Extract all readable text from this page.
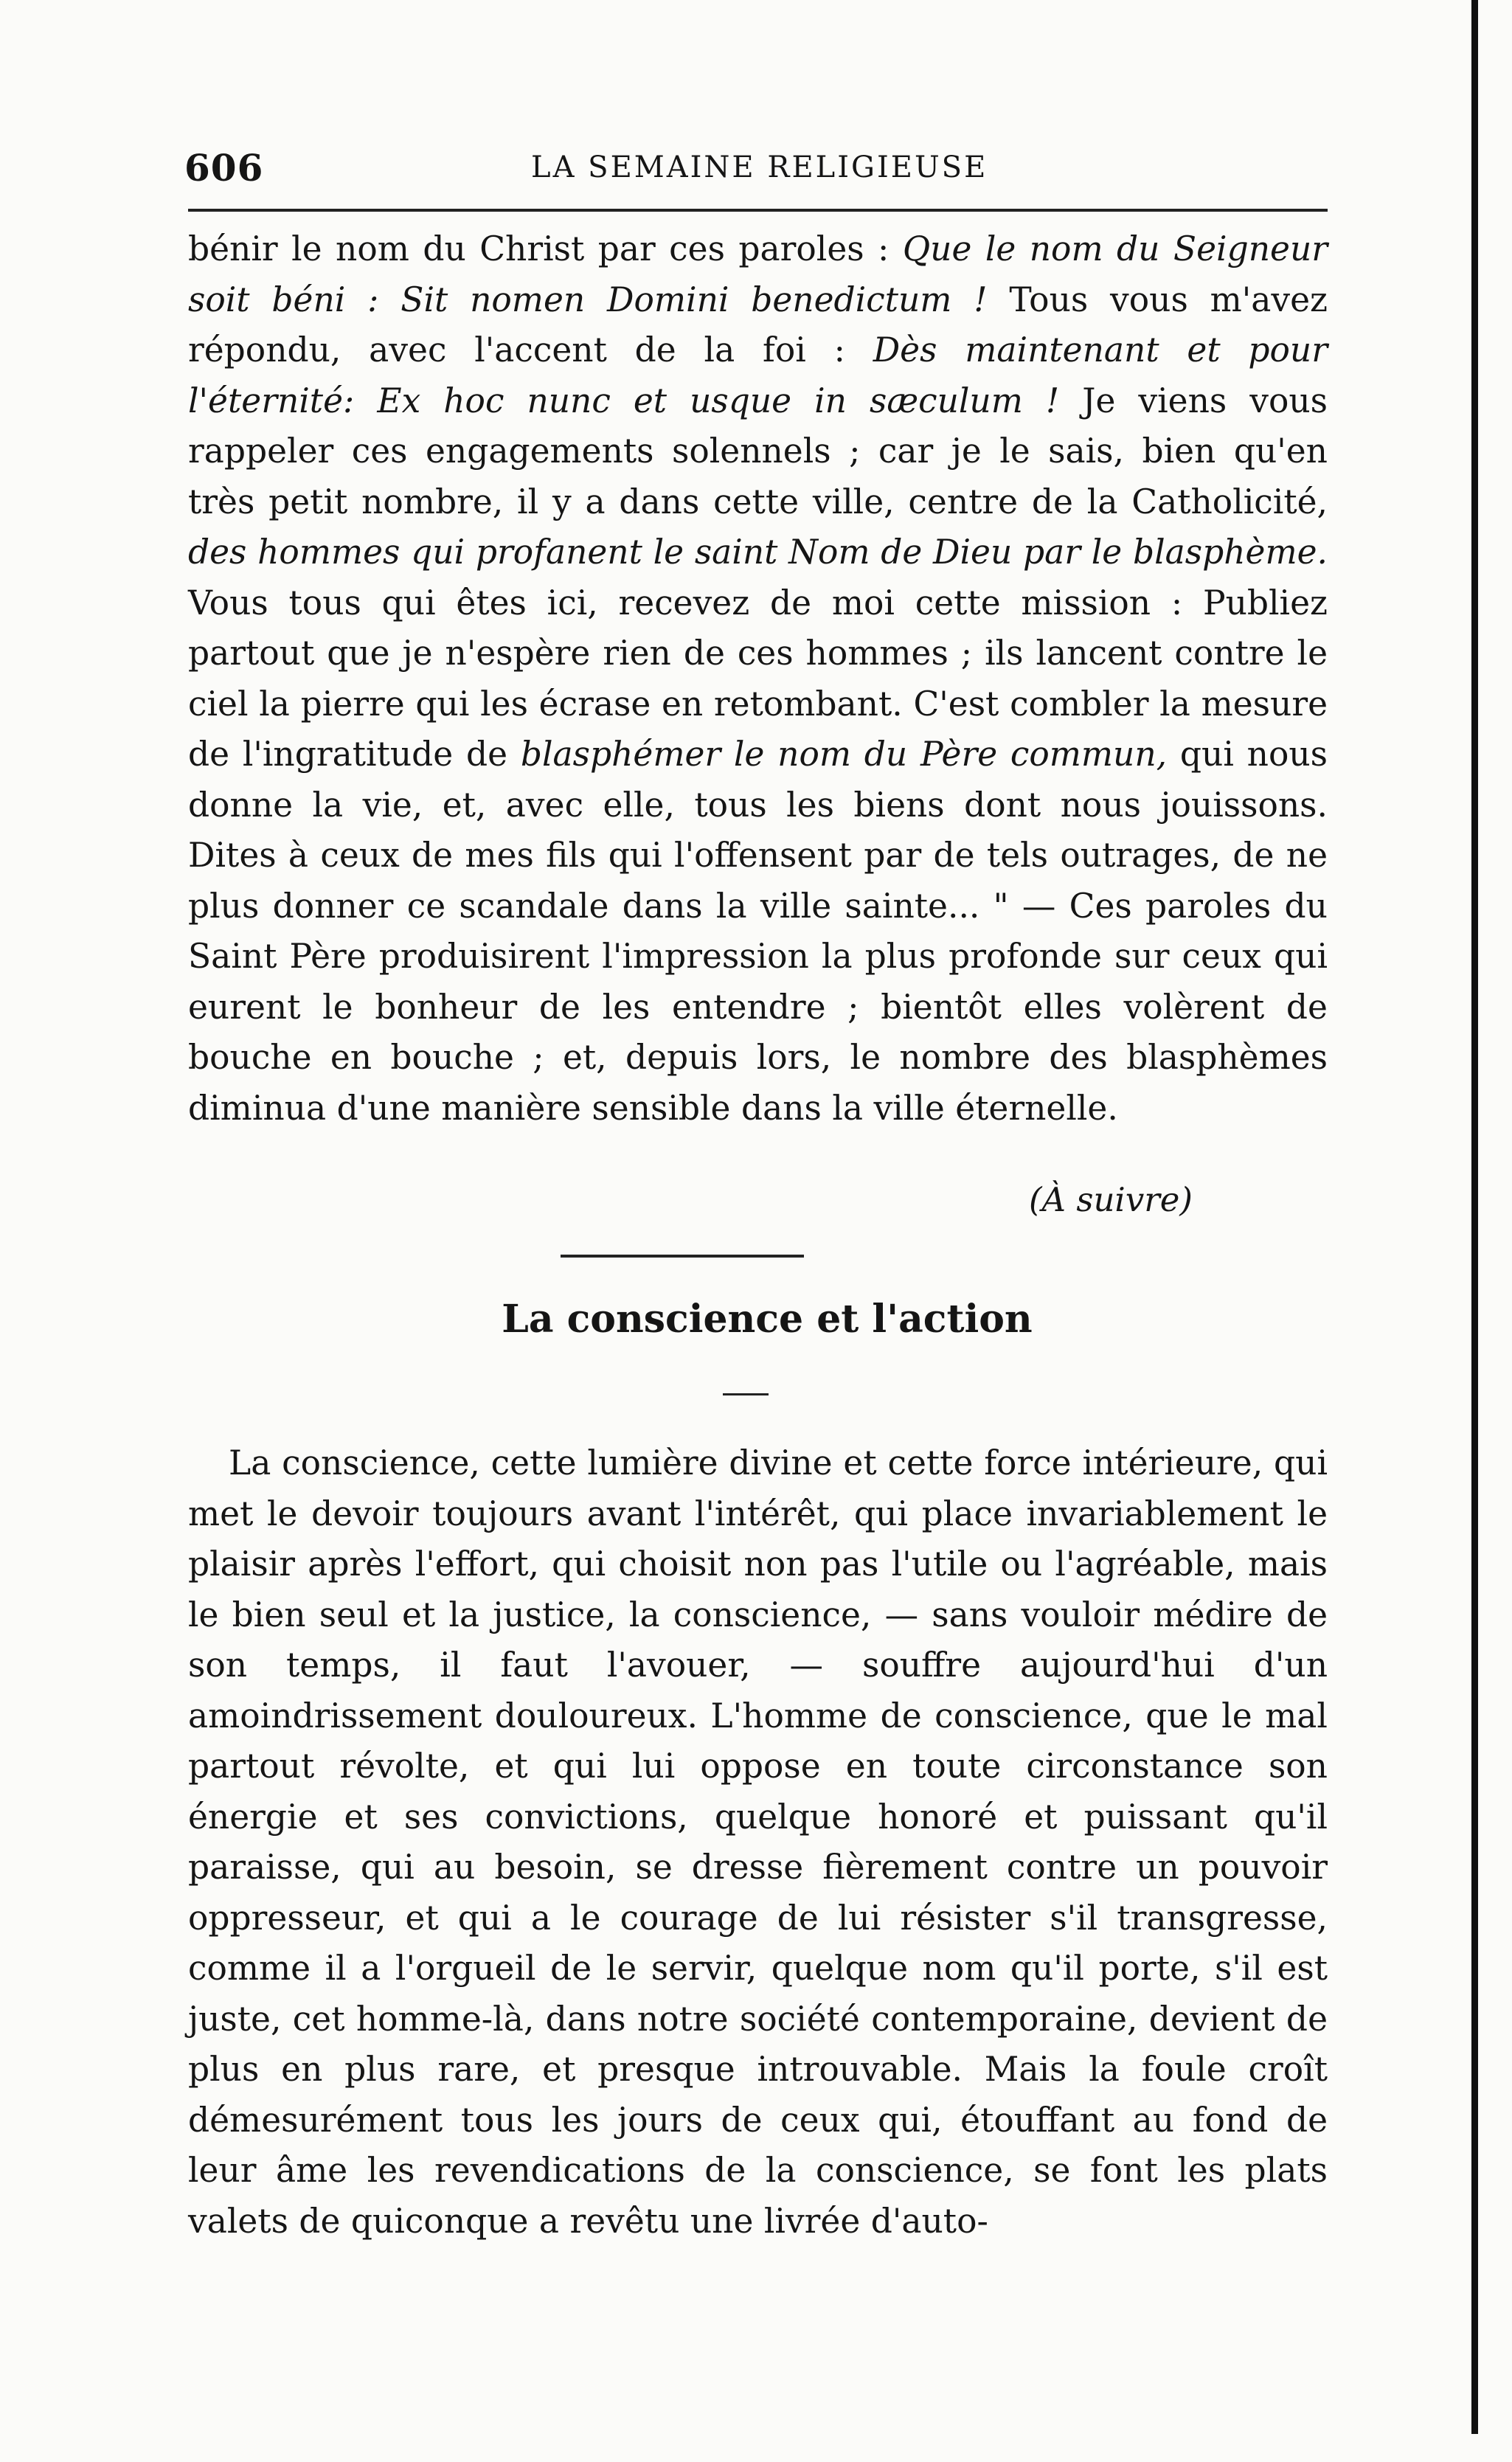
606	LA SEMAINE RELIGIEUSE

bénir le nom du Christ par ces paroles : Que le nom du Seigneur soit béni : Sit nomen Domini benedictum ! Tous vous m'avez répondu, avec l'accent de la foi : Dès maintenant et pour l'éternité: Ex hoc nunc et usque in sæculum ! Je viens vous rappeler ces engagements solennels ; car je le sais, bien qu'en très petit nombre, il y a dans cette ville, centre de la Catholicité, des hommes qui profanent le saint Nom de Dieu par le blasphème. Vous tous qui êtes ici, recevez de moi cette mission : Publiez partout que je n'espère rien de ces hommes ; ils lancent contre le ciel la pierre qui les écrase en retombant. C'est combler la mesure de l'ingratitude de blasphémer le nom du Père commun, qui nous donne la vie, et, avec elle, tous les biens dont nous jouissons. Dites à ceux de mes fils qui l'offensent par de tels outrages, de ne plus donner ce scandale dans la ville sainte... " — Ces paroles du Saint Père produisirent l'impression la plus profonde sur ceux qui eurent le bonheur de les entendre ; bientôt elles volèrent de bouche en bouche ; et, depuis lors, le nombre des blasphèmes diminua d'une manière sensible dans la ville éternelle.

(À suivre)
La conscience et l'action

La conscience, cette lumière divine et cette force intérieure, qui met le devoir toujours avant l'intérêt, qui place invariablement le plaisir après l'effort, qui choisit non pas l'utile ou l'agréable, mais le bien seul et la justice, la conscience, — sans vouloir médire de son temps, il faut l'avouer, — souffre aujourd'hui d'un amoindrissement douloureux. L'homme de conscience, que le mal partout révolte, et qui lui oppose en toute circonstance son énergie et ses convictions, quelque honoré et puissant qu'il paraisse, qui au besoin, se dresse fièrement contre un pouvoir oppresseur, et qui a le courage de lui résister s'il transgresse, comme il a l'orgueil de le servir, quelque nom qu'il porte, s'il est juste, cet homme-là, dans notre société contemporaine, devient de plus en plus rare, et presque introuvable. Mais la foule croît démesurément tous les jours de ceux qui, étouffant au fond de leur âme les revendications de la conscience, se font les plats valets de quiconque a revêtu une livrée d'auto-
